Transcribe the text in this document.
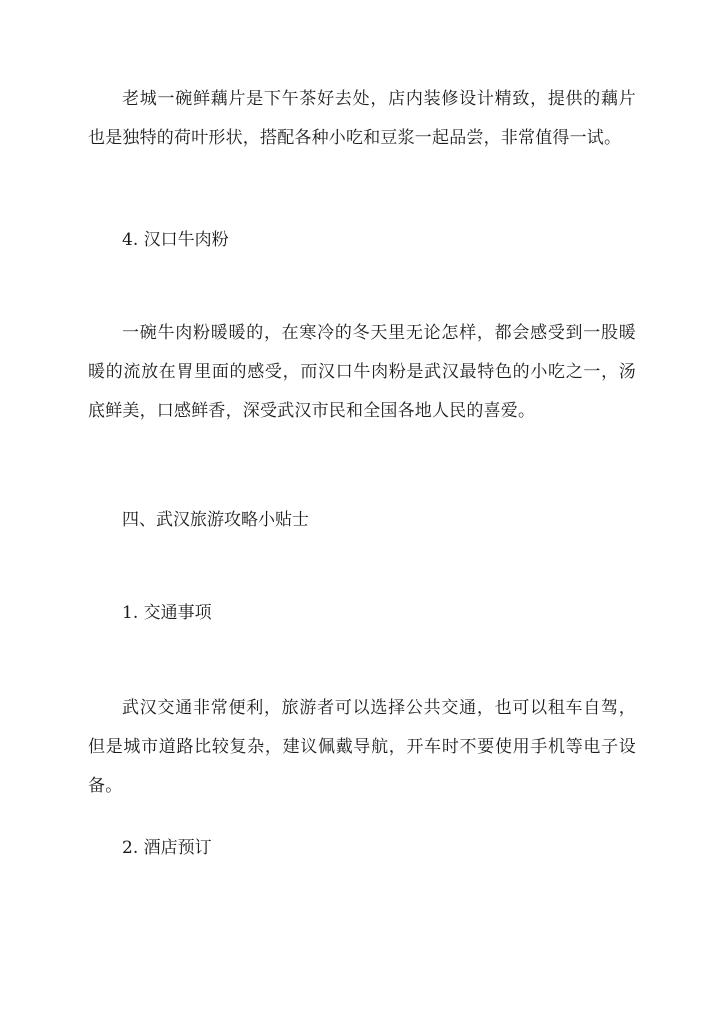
老城一碗鲜藕片是下午茶好去处，店内装修设计精致，提供的藕片也是独特的荷叶形状，搭配各种小吃和豆浆一起品尝，非常值得一试。

4. 汉口牛肉粉

一碗牛肉粉暖暖的，在寒冷的冬天里无论怎样，都会感受到一股暖暖的流放在胃里面的感受，而汉口牛肉粉是武汉最特色的小吃之一，汤底鲜美，口感鲜香，深受武汉市民和全国各地人民的喜爱。

四、武汉旅游攻略小贴士

1. 交通事项

武汉交通非常便利，旅游者可以选择公共交通，也可以租车自驾，但是城市道路比较复杂，建议佩戴导航，开车时不要使用手机等电子设备。

2. 酒店预订
